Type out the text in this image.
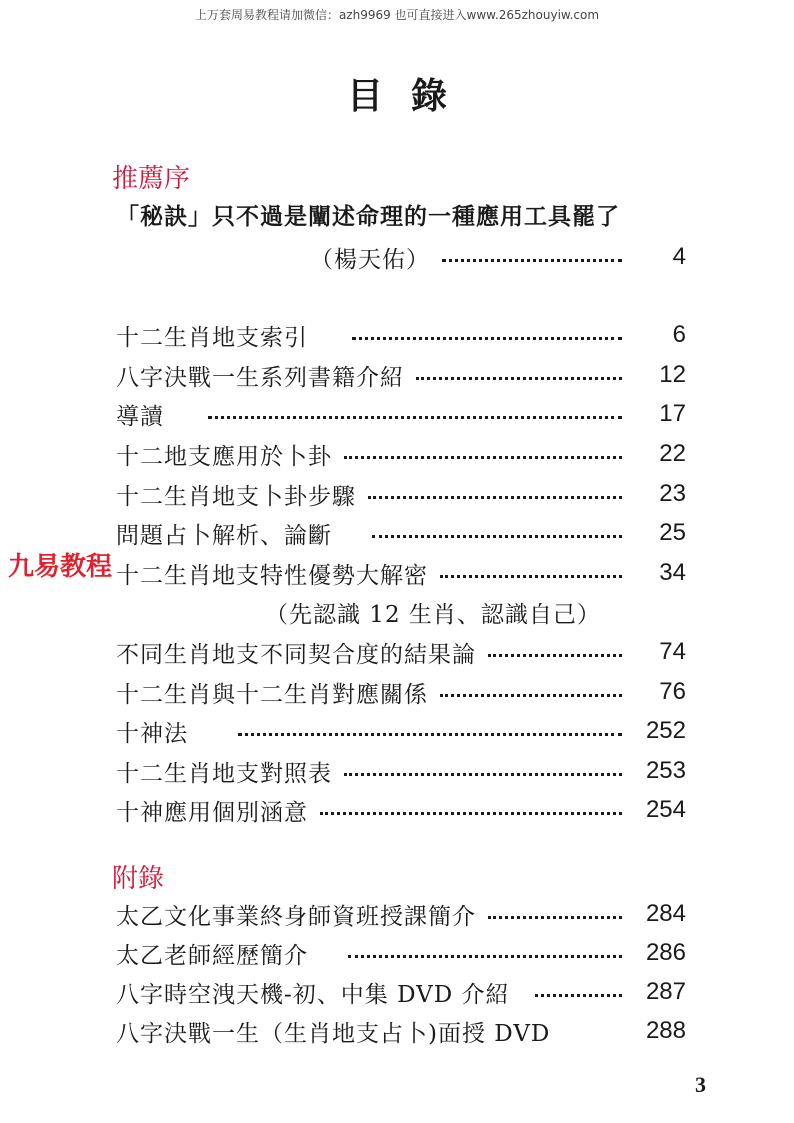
上万套周易教程请加微信：azh9969 也可直接进入www.265zhouyiw.com
目錄
推薦序
「秘訣」只不過是闡述命理的一種應用工具罷了
（楊天佑）	4
十二生肖地支索引	6
八字決戰一生系列書籍介紹	12
導讀	17
十二地支應用於卜卦	22
十二生肖地支卜卦步驟	23
問題占卜解析、論斷	25
十二生肖地支特性優勢大解密	34
（先認識 12 生肖、認識自己）
不同生肖地支不同契合度的結果論	74
十二生肖與十二生肖對應關係	76
十神法	252
十二生肖地支對照表	253
十神應用個別涵意	254
附錄
太乙文化事業終身師資班授課簡介	284
太乙老師經歷簡介	286
八字時空洩天機-初、中集 DVD 介紹	287
八字決戰一生（生肖地支占卜)面授 DVD	288
九易教程
3
